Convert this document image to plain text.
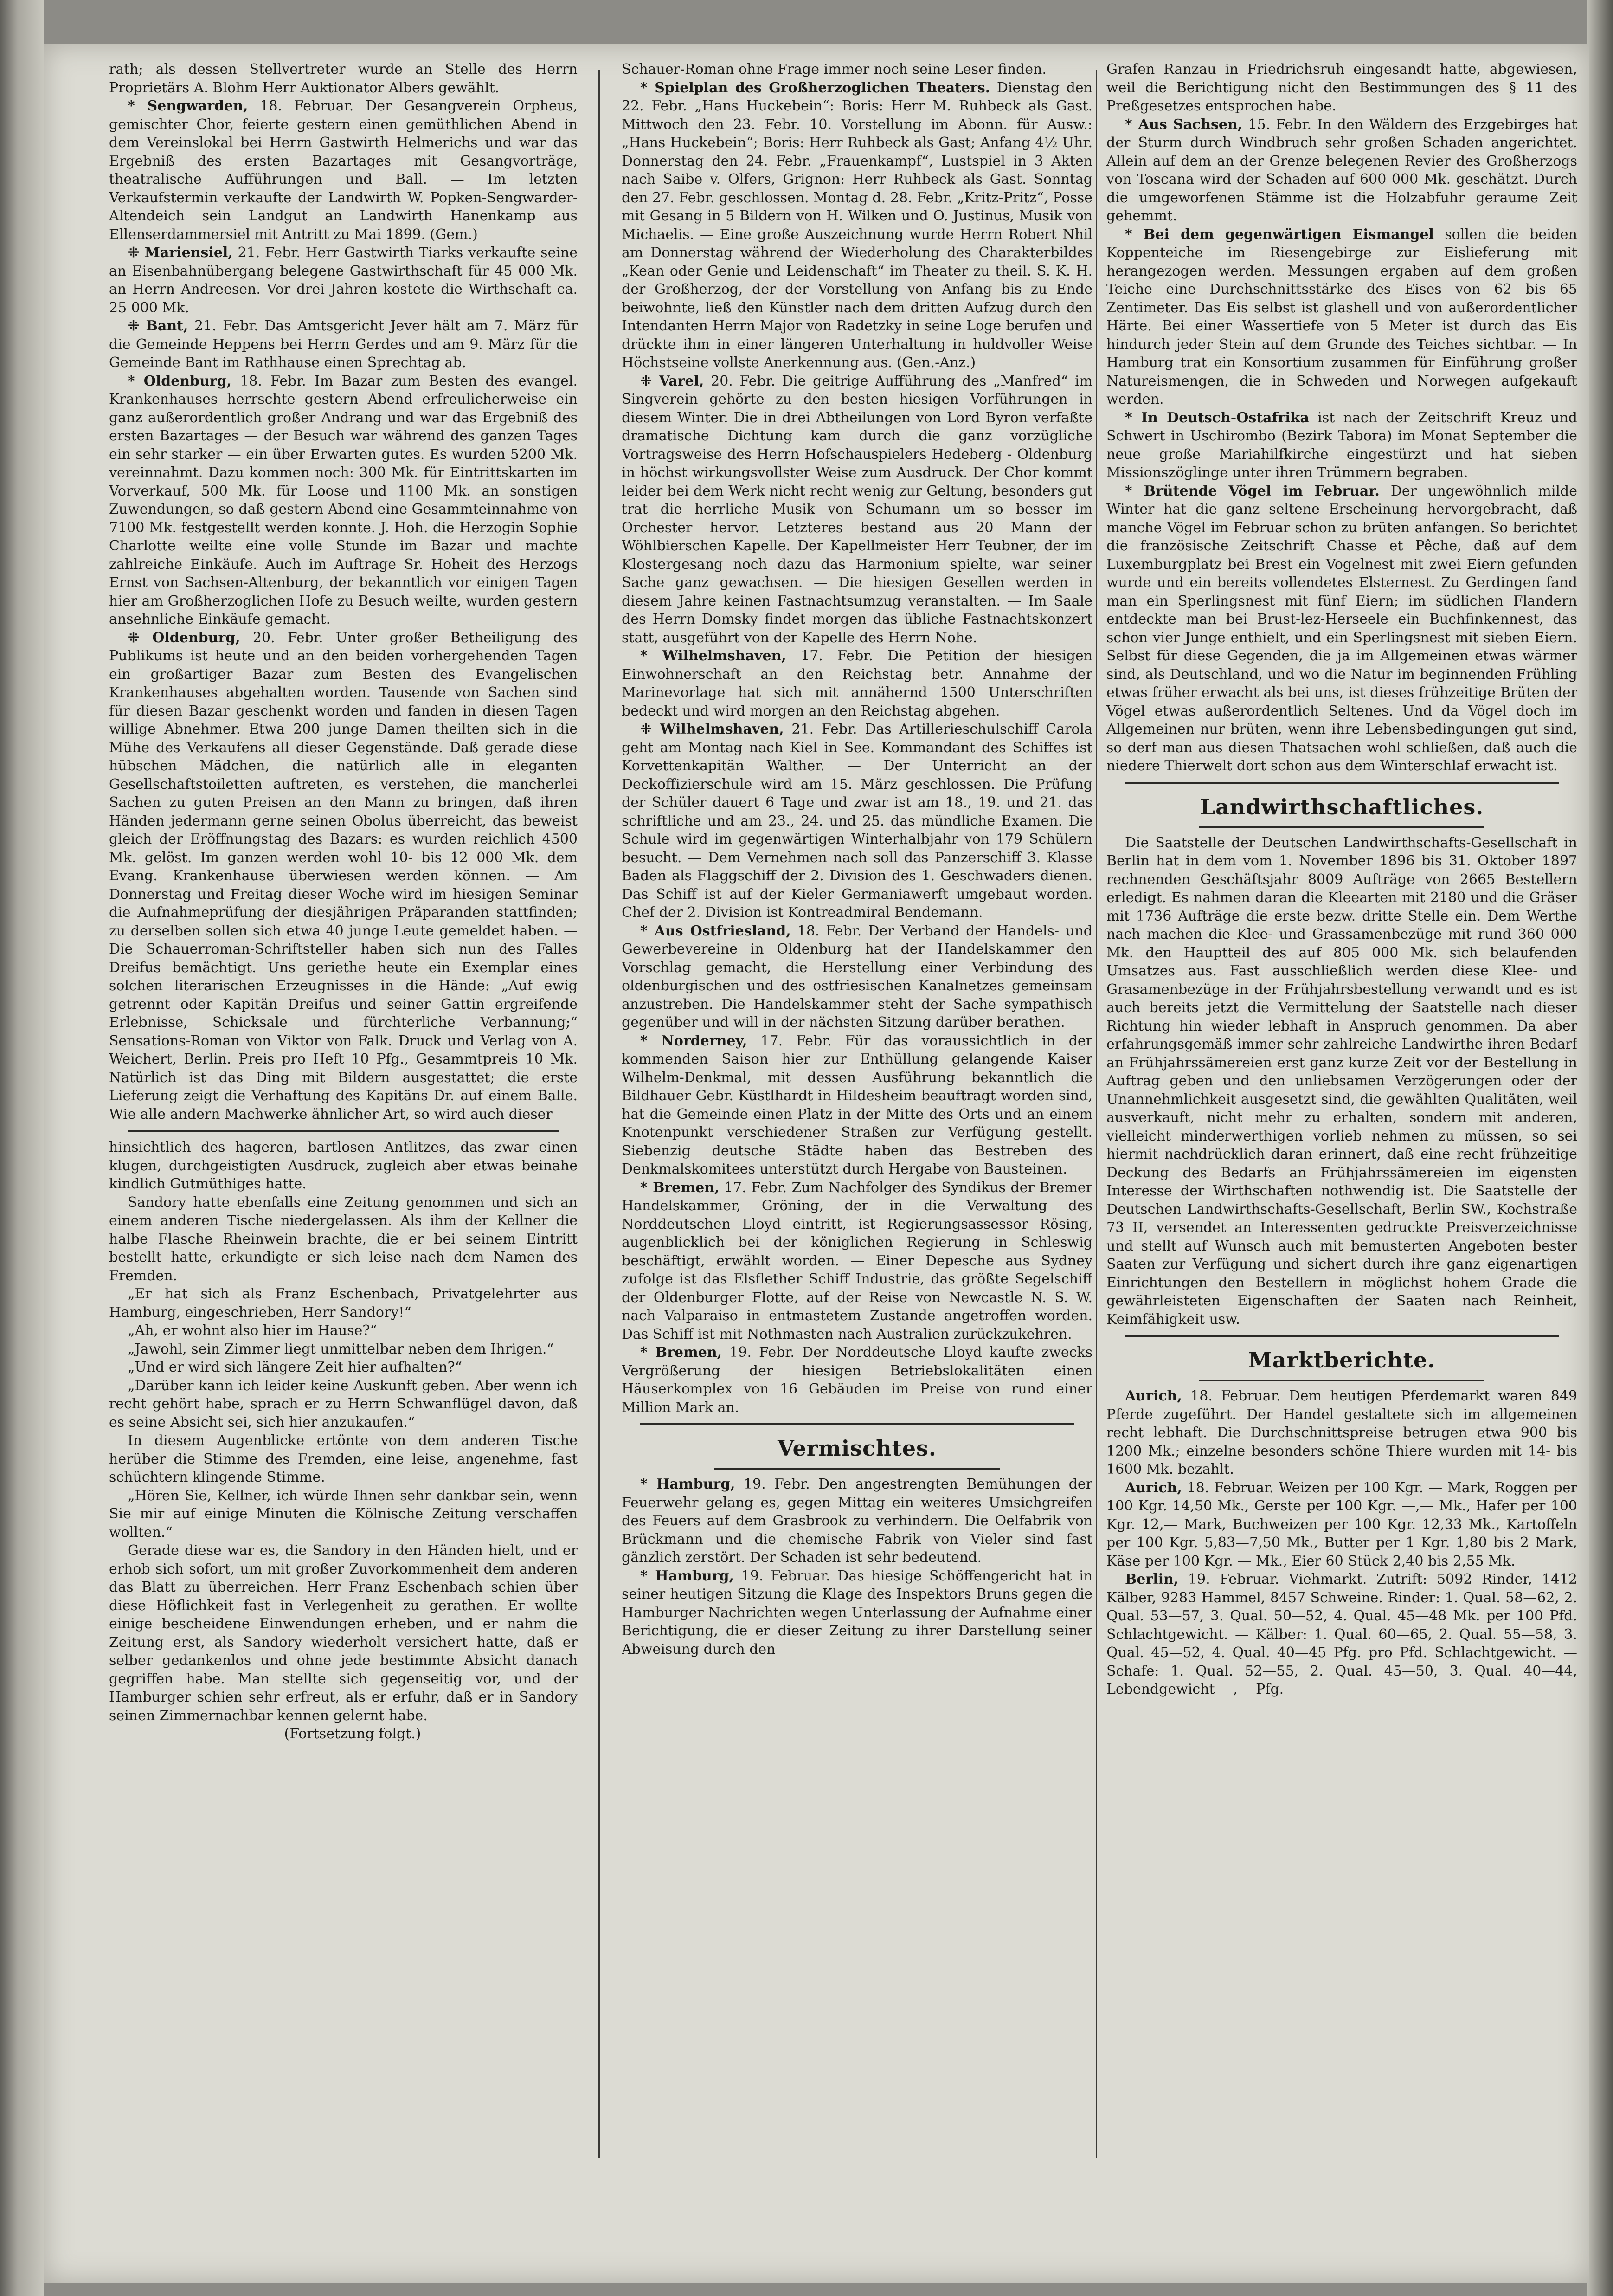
rath; als dessen Stellvertreter wurde an Stelle des Herrn Proprietärs A. Blohm Herr Auktionator Albers gewählt.

* Sengwarden, 18. Februar. Der Gesangverein Orpheus, gemischter Chor, feierte gestern einen gemüthlichen Abend in dem Vereinslokal bei Herrn Gastwirth Helmerichs und war das Ergebniß des ersten Bazartages mit Gesangvorträge, theatralische Aufführungen und Ball. — Im letzten Verkaufstermin verkaufte der Landwirth W. Popken-Sengwarder-Altendeich sein Landgut an Landwirth Hanenkamp aus Ellenserdammersiel mit Antritt zu Mai 1899. (Gem.)

⁜ Mariensiel, 21. Febr. Herr Gastwirth Tiarks verkaufte seine an Eisenbahnübergang belegene Gastwirthschaft für 45 000 Mk. an Herrn Andreesen. Vor drei Jahren kostete die Wirthschaft ca. 25 000 Mk.

⁜ Bant, 21. Febr. Das Amtsgericht Jever hält am 7. März für die Gemeinde Heppens bei Herrn Gerdes und am 9. März für die Gemeinde Bant im Rathhause einen Sprechtag ab.

* Oldenburg, 18. Febr. Im Bazar zum Besten des evangel. Krankenhauses herrschte gestern Abend erfreulicherweise ein ganz außerordentlich großer Andrang und war das Ergebniß des ersten Bazartages — der Besuch war während des ganzen Tages ein sehr starker — ein über Erwarten gutes. Es wurden 5200 Mk. vereinnahmt. Dazu kommen noch: 300 Mk. für Eintrittskarten im Vorverkauf, 500 Mk. für Loose und 1100 Mk. an sonstigen Zuwendungen, so daß gestern Abend eine Gesammteinnahme von 7100 Mk. festgestellt werden konnte. J. Hoh. die Herzogin Sophie Charlotte weilte eine volle Stunde im Bazar und machte zahlreiche Einkäufe. Auch im Auftrage Sr. Hoheit des Herzogs Ernst von Sachsen-Altenburg, der bekanntlich vor einigen Tagen hier am Großherzoglichen Hofe zu Besuch weilte, wurden gestern ansehnliche Einkäufe gemacht.

⁜ Oldenburg, 20. Febr. Unter großer Betheiligung des Publikums ist heute und an den beiden vorhergehenden Tagen ein großartiger Bazar zum Besten des Evangelischen Krankenhauses abgehalten worden. Tausende von Sachen sind für diesen Bazar geschenkt worden und fanden in diesen Tagen willige Abnehmer. Etwa 200 junge Damen theilten sich in die Mühe des Verkaufens all dieser Gegenstände. Daß gerade diese hübschen Mädchen, die natürlich alle in eleganten Gesellschaftstoiletten auftreten, es verstehen, die mancherlei Sachen zu guten Preisen an den Mann zu bringen, daß ihren Händen jedermann gerne seinen Obolus überreicht, das beweist gleich der Eröffnungstag des Bazars: es wurden reichlich 4500 Mk. gelöst. Im ganzen werden wohl 10- bis 12 000 Mk. dem Evang. Krankenhause überwiesen werden können. — Am Donnerstag und Freitag dieser Woche wird im hiesigen Seminar die Aufnahmeprüfung der diesjährigen Präparanden stattfinden; zu derselben sollen sich etwa 40 junge Leute gemeldet haben. — Die Schauerroman-Schriftsteller haben sich nun des Falles Dreifus bemächtigt. Uns geriethe heute ein Exemplar eines solchen literarischen Erzeugnisses in die Hände: „Auf ewig getrennt oder Kapitän Dreifus und seiner Gattin ergreifende Erlebnisse, Schicksale und fürchterliche Verbannung;“ Sensations-Roman von Viktor von Falk. Druck und Verlag von A. Weichert, Berlin. Preis pro Heft 10 Pfg., Gesammtpreis 10 Mk. Natürlich ist das Ding mit Bildern ausgestattet; die erste Lieferung zeigt die Verhaftung des Kapitäns Dr. auf einem Balle. Wie alle andern Machwerke ähnlicher Art, so wird auch dieser

hinsichtlich des hageren, bartlosen Antlitzes, das zwar einen klugen, durchgeistigten Ausdruck, zugleich aber etwas beinahe kindlich Gutmüthiges hatte.

Sandory hatte ebenfalls eine Zeitung genommen und sich an einem anderen Tische niedergelassen. Als ihm der Kellner die halbe Flasche Rheinwein brachte, die er bei seinem Eintritt bestellt hatte, erkundigte er sich leise nach dem Namen des Fremden.

„Er hat sich als Franz Eschenbach, Privatgelehrter aus Hamburg, eingeschrieben, Herr Sandory!“

„Ah, er wohnt also hier im Hause?“

„Jawohl, sein Zimmer liegt unmittelbar neben dem Ihrigen.“

„Und er wird sich längere Zeit hier aufhalten?“

„Darüber kann ich leider keine Auskunft geben. Aber wenn ich recht gehört habe, sprach er zu Herrn Schwanflügel davon, daß es seine Absicht sei, sich hier anzukaufen.“

In diesem Augenblicke ertönte von dem anderen Tische herüber die Stimme des Fremden, eine leise, angenehme, fast schüchtern klingende Stimme.

„Hören Sie, Kellner, ich würde Ihnen sehr dankbar sein, wenn Sie mir auf einige Minuten die Kölnische Zeitung verschaffen wollten.“

Gerade diese war es, die Sandory in den Händen hielt, und er erhob sich sofort, um mit großer Zuvorkommenheit dem anderen das Blatt zu überreichen. Herr Franz Eschenbach schien über diese Höflichkeit fast in Verlegenheit zu gerathen. Er wollte einige bescheidene Einwendungen erheben, und er nahm die Zeitung erst, als Sandory wiederholt versichert hatte, daß er selber gedankenlos und ohne jede bestimmte Absicht danach gegriffen habe. Man stellte sich gegenseitig vor, und der Hamburger schien sehr erfreut, als er erfuhr, daß er in Sandory seinen Zimmernachbar kennen gelernt habe.

(Fortsetzung folgt.)

Schauer-Roman ohne Frage immer noch seine Leser finden.

* Spielplan des Großherzoglichen Theaters. Dienstag den 22. Febr. „Hans Huckebein“: Boris: Herr M. Ruhbeck als Gast. Mittwoch den 23. Febr. 10. Vorstellung im Abonn. für Ausw.: „Hans Huckebein“; Boris: Herr Ruhbeck als Gast; Anfang 4½ Uhr. Donnerstag den 24. Febr. „Frauenkampf“, Lustspiel in 3 Akten nach Saibe v. Olfers, Grignon: Herr Ruhbeck als Gast. Sonntag den 27. Febr. geschlossen. Montag d. 28. Febr. „Kritz-Pritz“, Posse mit Gesang in 5 Bildern von H. Wilken und O. Justinus, Musik von Michaelis. — Eine große Auszeichnung wurde Herrn Robert Nhil am Donnerstag während der Wiederholung des Charakterbildes „Kean oder Genie und Leidenschaft“ im Theater zu theil. S. K. H. der Großherzog, der der Vorstellung von Anfang bis zu Ende beiwohnte, ließ den Künstler nach dem dritten Aufzug durch den Intendanten Herrn Major von Radetzky in seine Loge berufen und drückte ihm in einer längeren Unterhaltung in huldvoller Weise Höchstseine vollste Anerkennung aus. (Gen.-Anz.)

⁜ Varel, 20. Febr. Die geitrige Aufführung des „Manfred“ im Singverein gehörte zu den besten hiesigen Vorführungen in diesem Winter. Die in drei Abtheilungen von Lord Byron verfaßte dramatische Dichtung kam durch die ganz vorzügliche Vortragsweise des Herrn Hofschauspielers Hedeberg - Oldenburg in höchst wirkungsvollster Weise zum Ausdruck. Der Chor kommt leider bei dem Werk nicht recht wenig zur Geltung, besonders gut trat die herrliche Musik von Schumann um so besser im Orchester hervor. Letzteres bestand aus 20 Mann der Wöhlbierschen Kapelle. Der Kapellmeister Herr Teubner, der im Klostergesang noch dazu das Harmonium spielte, war seiner Sache ganz gewachsen. — Die hiesigen Gesellen werden in diesem Jahre keinen Fastnachtsumzug veranstalten. — Im Saale des Herrn Domsky findet morgen das übliche Fastnachtskonzert statt, ausgeführt von der Kapelle des Herrn Nohe.

* Wilhelmshaven, 17. Febr. Die Petition der hiesigen Einwohnerschaft an den Reichstag betr. Annahme der Marinevorlage hat sich mit annähernd 1500 Unterschriften bedeckt und wird morgen an den Reichstag abgehen.

⁜ Wilhelmshaven, 21. Febr. Das Artillerieschulschiff Carola geht am Montag nach Kiel in See. Kommandant des Schiffes ist Korvettenkapitän Walther. — Der Unterricht an der Deckoffizierschule wird am 15. März geschlossen. Die Prüfung der Schüler dauert 6 Tage und zwar ist am 18., 19. und 21. das schriftliche und am 23., 24. und 25. das mündliche Examen. Die Schule wird im gegenwärtigen Winterhalbjahr von 179 Schülern besucht. — Dem Vernehmen nach soll das Panzerschiff 3. Klasse Baden als Flaggschiff der 2. Division des 1. Geschwaders dienen. Das Schiff ist auf der Kieler Germaniawerft umgebaut worden. Chef der 2. Division ist Kontreadmiral Bendemann.

* Aus Ostfriesland, 18. Febr. Der Verband der Handels- und Gewerbevereine in Oldenburg hat der Handelskammer den Vorschlag gemacht, die Herstellung einer Verbindung des oldenburgischen und des ostfriesischen Kanalnetzes gemeinsam anzustreben. Die Handelskammer steht der Sache sympathisch gegenüber und will in der nächsten Sitzung darüber berathen.

* Norderney, 17. Febr. Für das voraussichtlich in der kommenden Saison hier zur Enthüllung gelangende Kaiser Wilhelm-Denkmal, mit dessen Ausführung bekanntlich die Bildhauer Gebr. Küstlhardt in Hildesheim beauftragt worden sind, hat die Gemeinde einen Platz in der Mitte des Orts und an einem Knotenpunkt verschiedener Straßen zur Verfügung gestellt. Siebenzig deutsche Städte haben das Bestreben des Denkmalskomitees unterstützt durch Hergabe von Bausteinen.

* Bremen, 17. Febr. Zum Nachfolger des Syndikus der Bremer Handelskammer, Gröning, der in die Verwaltung des Norddeutschen Lloyd eintritt, ist Regierungsassessor Rösing, augenblicklich bei der königlichen Regierung in Schleswig beschäftigt, erwählt worden. — Einer Depesche aus Sydney zufolge ist das Elsflether Schiff Industrie, das größte Segelschiff der Oldenburger Flotte, auf der Reise von Newcastle N. S. W. nach Valparaiso in entmastetem Zustande angetroffen worden. Das Schiff ist mit Nothmasten nach Australien zurückzukehren.

* Bremen, 19. Febr. Der Norddeutsche Lloyd kaufte zwecks Vergrößerung der hiesigen Betriebslokalitäten einen Häuserkomplex von 16 Gebäuden im Preise von rund einer Million Mark an.

Vermischtes.

* Hamburg, 19. Febr. Den angestrengten Bemühungen der Feuerwehr gelang es, gegen Mittag ein weiteres Umsichgreifen des Feuers auf dem Grasbrook zu verhindern. Die Oelfabrik von Brückmann und die chemische Fabrik von Vieler sind fast gänzlich zerstört. Der Schaden ist sehr bedeutend.

* Hamburg, 19. Februar. Das hiesige Schöffengericht hat in seiner heutigen Sitzung die Klage des Inspektors Bruns gegen die Hamburger Nachrichten wegen Unterlassung der Aufnahme einer Berichtigung, die er dieser Zeitung zu ihrer Darstellung seiner Abweisung durch den

Grafen Ranzau in Friedrichsruh eingesandt hatte, abgewiesen, weil die Berichtigung nicht den Bestimmungen des § 11 des Preßgesetzes entsprochen habe.

* Aus Sachsen, 15. Febr. In den Wäldern des Erzgebirges hat der Sturm durch Windbruch sehr großen Schaden angerichtet. Allein auf dem an der Grenze belegenen Revier des Großherzogs von Toscana wird der Schaden auf 600 000 Mk. geschätzt. Durch die umgeworfenen Stämme ist die Holzabfuhr geraume Zeit gehemmt.

* Bei dem gegenwärtigen Eismangel sollen die beiden Koppenteiche im Riesengebirge zur Eislieferung mit herangezogen werden. Messungen ergaben auf dem großen Teiche eine Durchschnittsstärke des Eises von 62 bis 65 Zentimeter. Das Eis selbst ist glashell und von außerordentlicher Härte. Bei einer Wassertiefe von 5 Meter ist durch das Eis hindurch jeder Stein auf dem Grunde des Teiches sichtbar. — In Hamburg trat ein Konsortium zusammen für Einführung großer Natureismengen, die in Schweden und Norwegen aufgekauft werden.

* In Deutsch-Ostafrika ist nach der Zeitschrift Kreuz und Schwert in Uschirombo (Bezirk Tabora) im Monat September die neue große Mariahilfkirche eingestürzt und hat sieben Missionszöglinge unter ihren Trümmern begraben.

* Brütende Vögel im Februar. Der ungewöhnlich milde Winter hat die ganz seltene Erscheinung hervorgebracht, daß manche Vögel im Februar schon zu brüten anfangen. So berichtet die französische Zeitschrift Chasse et Pêche, daß auf dem Luxemburgplatz bei Brest ein Vogelnest mit zwei Eiern gefunden wurde und ein bereits vollendetes Elsternest. Zu Gerdingen fand man ein Sperlingsnest mit fünf Eiern; im südlichen Flandern entdeckte man bei Brust-lez-Herseele ein Buchfinkennest, das schon vier Junge enthielt, und ein Sperlingsnest mit sieben Eiern. Selbst für diese Gegenden, die ja im Allgemeinen etwas wärmer sind, als Deutschland, und wo die Natur im beginnenden Frühling etwas früher erwacht als bei uns, ist dieses frühzeitige Brüten der Vögel etwas außerordentlich Seltenes. Und da Vögel doch im Allgemeinen nur brüten, wenn ihre Lebensbedingungen gut sind, so derf man aus diesen Thatsachen wohl schließen, daß auch die niedere Thierwelt dort schon aus dem Winterschlaf erwacht ist.

Landwirthschaftliches.

Die Saatstelle der Deutschen Landwirthschafts-Gesellschaft in Berlin hat in dem vom 1. November 1896 bis 31. Oktober 1897 rechnenden Geschäftsjahr 8009 Aufträge von 2665 Bestellern erledigt. Es nahmen daran die Kleearten mit 2180 und die Gräser mit 1736 Aufträge die erste bezw. dritte Stelle ein. Dem Werthe nach machen die Klee- und Grassamenbezüge mit rund 360 000 Mk. den Hauptteil des auf 805 000 Mk. sich belaufenden Umsatzes aus. Fast ausschließlich werden diese Klee- und Grasamenbezüge in der Frühjahrsbestellung verwandt und es ist auch bereits jetzt die Vermittelung der Saatstelle nach dieser Richtung hin wieder lebhaft in Anspruch genommen. Da aber erfahrungsgemäß immer sehr zahlreiche Landwirthe ihren Bedarf an Frühjahrssämereien erst ganz kurze Zeit vor der Bestellung in Auftrag geben und den unliebsamen Verzögerungen oder der Unannehmlichkeit ausgesetzt sind, die gewählten Qualitäten, weil ausverkauft, nicht mehr zu erhalten, sondern mit anderen, vielleicht minderwerthigen vorlieb nehmen zu müssen, so sei hiermit nachdrücklich daran erinnert, daß eine recht frühzeitige Deckung des Bedarfs an Frühjahrssämereien im eigensten Interesse der Wirthschaften nothwendig ist. Die Saatstelle der Deutschen Landwirthschafts-Gesellschaft, Berlin SW., Kochstraße 73 II, versendet an Interessenten gedruckte Preisverzeichnisse und stellt auf Wunsch auch mit bemusterten Angeboten bester Saaten zur Verfügung und sichert durch ihre ganz eigenartigen Einrichtungen den Bestellern in möglichst hohem Grade die gewährleisteten Eigenschaften der Saaten nach Reinheit, Keimfähigkeit usw.

Marktberichte.

Aurich, 18. Februar. Dem heutigen Pferdemarkt waren 849 Pferde zugeführt. Der Handel gestaltete sich im allgemeinen recht lebhaft. Die Durchschnittspreise betrugen etwa 900 bis 1200 Mk.; einzelne besonders schöne Thiere wurden mit 14- bis 1600 Mk. bezahlt.

Aurich, 18. Februar. Weizen per 100 Kgr. — Mark, Roggen per 100 Kgr. 14,50 Mk., Gerste per 100 Kgr. —,— Mk., Hafer per 100 Kgr. 12,— Mark, Buchweizen per 100 Kgr. 12,33 Mk., Kartoffeln per 100 Kgr. 5,83—7,50 Mk., Butter per 1 Kgr. 1,80 bis 2 Mark, Käse per 100 Kgr. — Mk., Eier 60 Stück 2,40 bis 2,55 Mk.

Berlin, 19. Februar. Viehmarkt. Zutrift: 5092 Rinder, 1412 Kälber, 9283 Hammel, 8457 Schweine. Rinder: 1. Qual. 58—62, 2. Qual. 53—57, 3. Qual. 50—52, 4. Qual. 45—48 Mk. per 100 Pfd. Schlachtgewicht. — Kälber: 1. Qual. 60—65, 2. Qual. 55—58, 3. Qual. 45—52, 4. Qual. 40—45 Pfg. pro Pfd. Schlachtgewicht. — Schafe: 1. Qual. 52—55, 2. Qual. 45—50, 3. Qual. 40—44, Lebendgewicht —,— Pfg.
